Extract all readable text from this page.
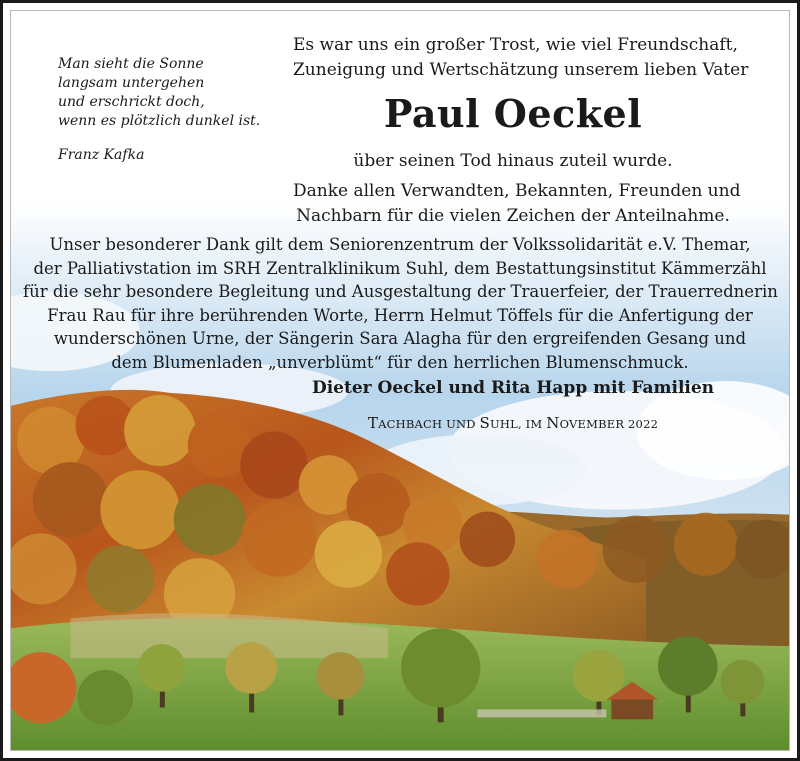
Man sieht die Sonne
langsam untergehen
und erschrickt doch,
wenn es plötzlich dunkel ist.
Franz Kafka
Es war uns ein großer Trost, wie viel Freundschaft,
Zuneigung und Wertschätzung unserem lieben Vater
Paul Oeckel
über seinen Tod hinaus zuteil wurde.
Danke allen Verwandten, Bekannten, Freunden und
Nachbarn für die vielen Zeichen der Anteilnahme.
Unser besonderer Dank gilt dem Seniorenzentrum der Volkssolidarität e.V. Themar,
der Palliativstation im SRH Zentralklinikum Suhl, dem Bestattungsinstitut Kämmerzähl
für die sehr besondere Begleitung und Ausgestaltung der Trauerfeier, der Trauerrednerin
Frau Rau für ihre berührenden Worte, Herrn Helmut Töffels für die Anfertigung der
wunderschönen Urne, der Sängerin Sara Alagha für den ergreifenden Gesang und
dem Blumenladen „unverblümt“ für den herrlichen Blumenschmuck.
Dieter Oeckel und Rita Happ mit Familien
TACHBACH UND SUHL, IM NOVEMBER 2022
